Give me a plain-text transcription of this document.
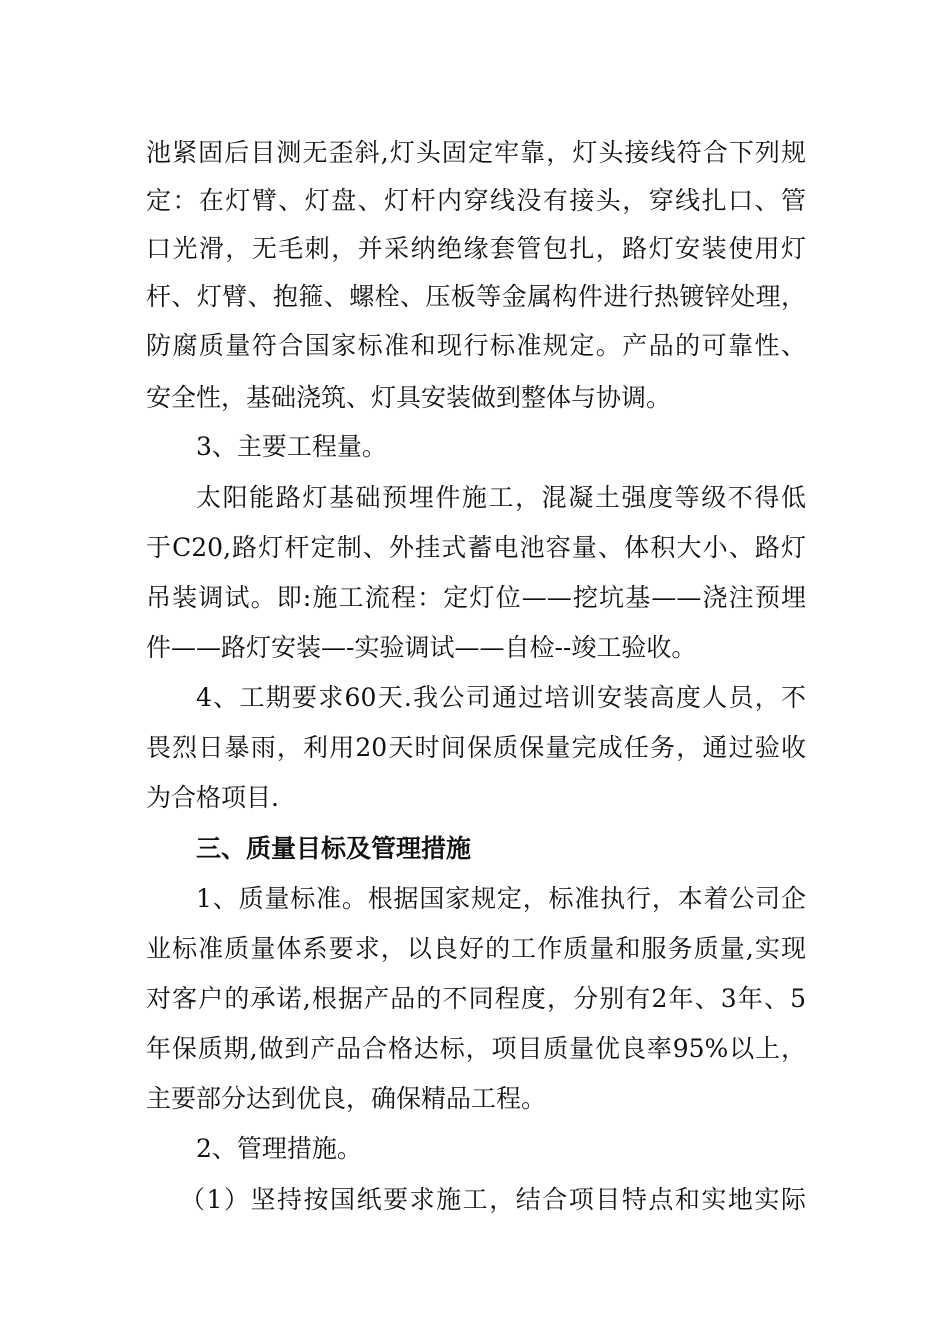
池紧固后目测无歪斜,灯头固定牢靠，灯头接线符合下列规
定：在灯臂、灯盘、灯杆内穿线没有接头，穿线扎口、管
口光滑，无毛刺，并采纳绝缘套管包扎，路灯安装使用灯
杆、灯臂、抱箍、螺栓、压板等金属构件进行热镀锌处理，
防腐质量符合国家标准和现行标准规定。产品的可靠性、
安全性，基础浇筑、灯具安装做到整体与协调。
3、主要工程量。
太阳能路灯基础预埋件施工，混凝土强度等级不得低
于C20,路灯杆定制、外挂式蓄电池容量、体积大小、路灯
吊装调试。即:施工流程：定灯位——挖坑基——浇注预埋
件——路灯安装—-实验调试——自检--竣工验收。
4、工期要求60天.我公司通过培训安装高度人员，不
畏烈日暴雨，利用20天时间保质保量完成任务，通过验收
为合格项目.
三、质量目标及管理措施
1、质量标准。根据国家规定，标准执行，本着公司企
业标准质量体系要求，以良好的工作质量和服务质量,实现
对客户的承诺,根据产品的不同程度，分别有2年、3年、5
年保质期,做到产品合格达标，项目质量优良率95%以上，
主要部分达到优良，确保精品工程。
2、管理措施。
（1）坚持按国纸要求施工，结合项目特点和实地实际
